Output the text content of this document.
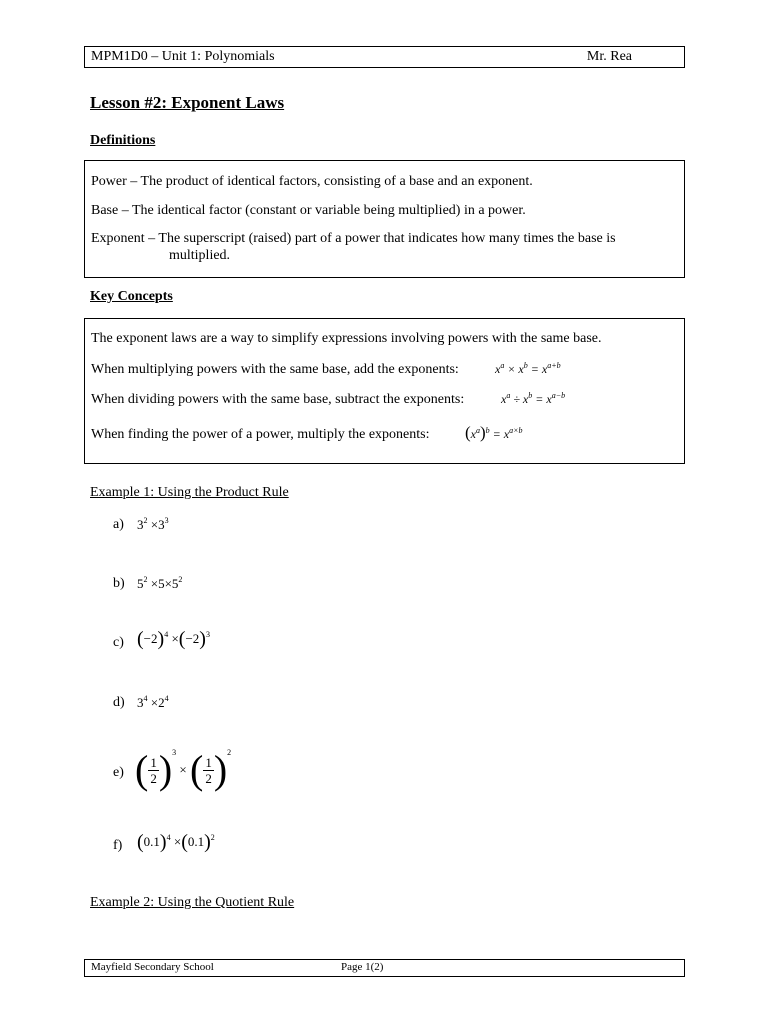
MPM1D0 – Unit 1: Polynomials	Mr. Rea
Lesson #2: Exponent Laws
Definitions
Power – The product of identical factors, consisting of a base and an exponent.
Base – The identical factor (constant or variable being multiplied) in a power.
Exponent – The superscript (raised) part of a power that indicates how many times the base is
multiplied.
Key Concepts
The exponent laws are a way to simplify expressions involving powers with the same base.
When multiplying powers with the same base, add the exponents:	$x^a \times x^b = x^{a+b}$
When dividing powers with the same base, subtract the exponents:	$x^a \div x^b = x^{a-b}$
When finding the power of a power, multiply the exponents: $(x^a)^b = x^{a\times b}$
Example 1: Using the Product Rule
a) $3^2 \times 3^3$
b) $5^2 \times 5\times 5^2$
c) $(-2)^4 \times(-2)^3$
d) $3^4 \times 2^4$
e) ( $\frac{1}{2} )^3$ × ( $\frac{1}{2} )^2$
f) $(0.1)^4 \times(0.1)^2$
Example 2: Using the Quotient Rule
Mayfield Secondary School	Page 1(2)
